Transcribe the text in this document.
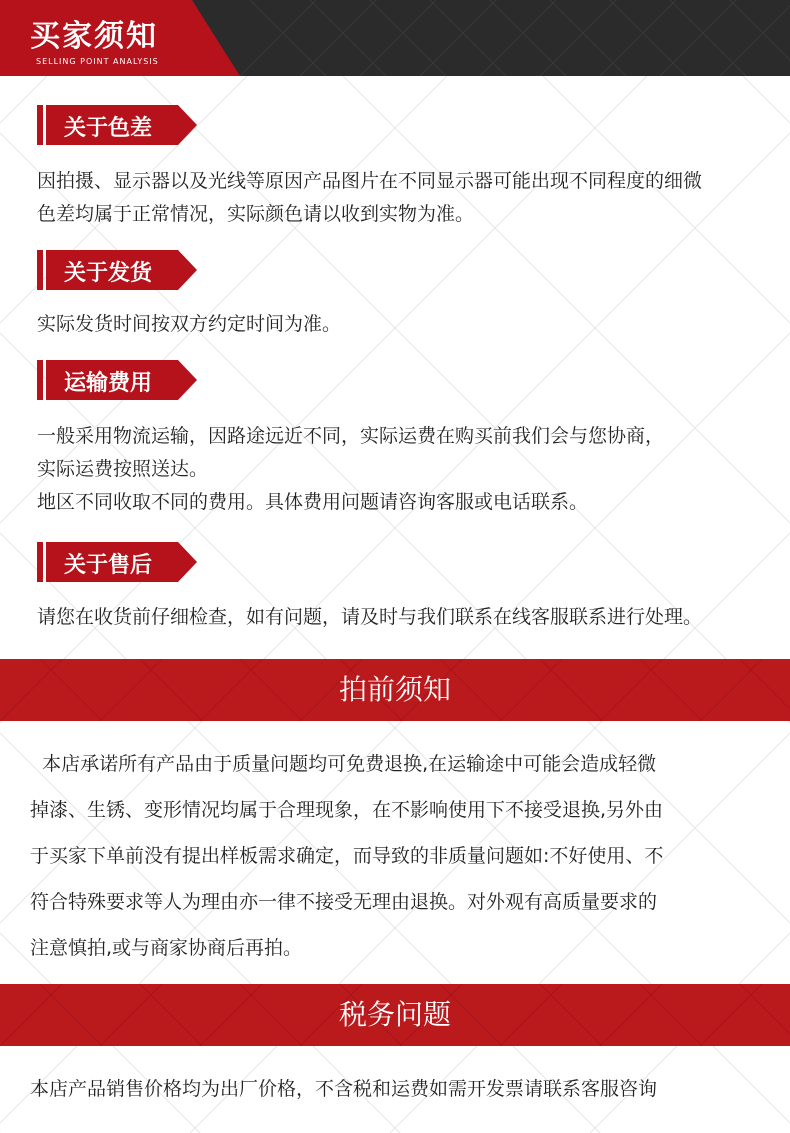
买家须知
SELLING POINT ANALYSIS
关于色差
因拍摄、显示器以及光线等原因产品图片在不同显示器可能出现不同程度的细微
色差均属于正常情况，实际颜色请以收到实物为准。
关于发货
实际发货时间按双方约定时间为准。
运输费用
一般采用物流运输，因路途远近不同，实际运费在购买前我们会与您协商，
实际运费按照送达。
地区不同收取不同的费用。具体费用问题请咨询客服或电话联系。
关于售后
请您在收货前仔细检查，如有问题，请及时与我们联系在线客服联系进行处理。
拍前须知
本店承诺所有产品由于质量问题均可免费退换,在运输途中可能会造成轻微
掉漆、生锈、变形情况均属于合理现象，在不影响使用下不接受退换,另外由
于买家下单前没有提出样板需求确定，而导致的非质量问题如:不好使用、不
符合特殊要求等人为理由亦一律不接受无理由退换。对外观有高质量要求的
注意慎拍,或与商家协商后再拍。
税务问题
本店产品销售价格均为出厂价格，不含税和运费如需开发票请联系客服咨询
